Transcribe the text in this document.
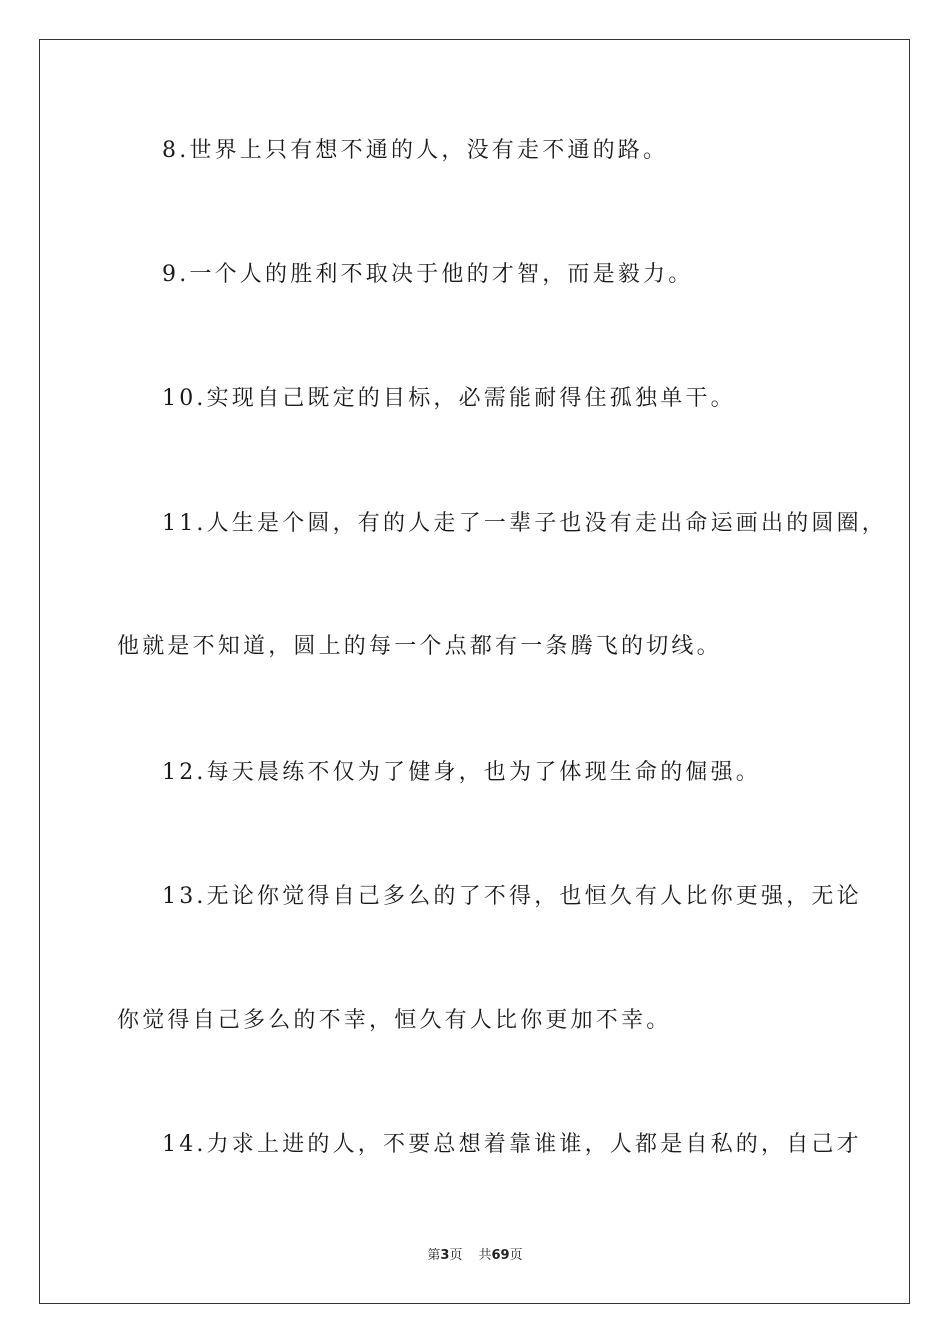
8.世界上只有想不通的人，没有走不通的路。

9.一个人的胜利不取决于他的才智，而是毅力。

10.实现自己既定的目标，必需能耐得住孤独单干。

11.人生是个圆，有的人走了一辈子也没有走出命运画出的圆圈，

他就是不知道，圆上的每一个点都有一条腾飞的切线。

12.每天晨练不仅为了健身，也为了体现生命的倔强。

13.无论你觉得自己多么的了不得，也恒久有人比你更强，无论

你觉得自己多么的不幸，恒久有人比你更加不幸。

14.力求上进的人，不要总想着靠谁谁，人都是自私的，自己才

第3页 共69页
